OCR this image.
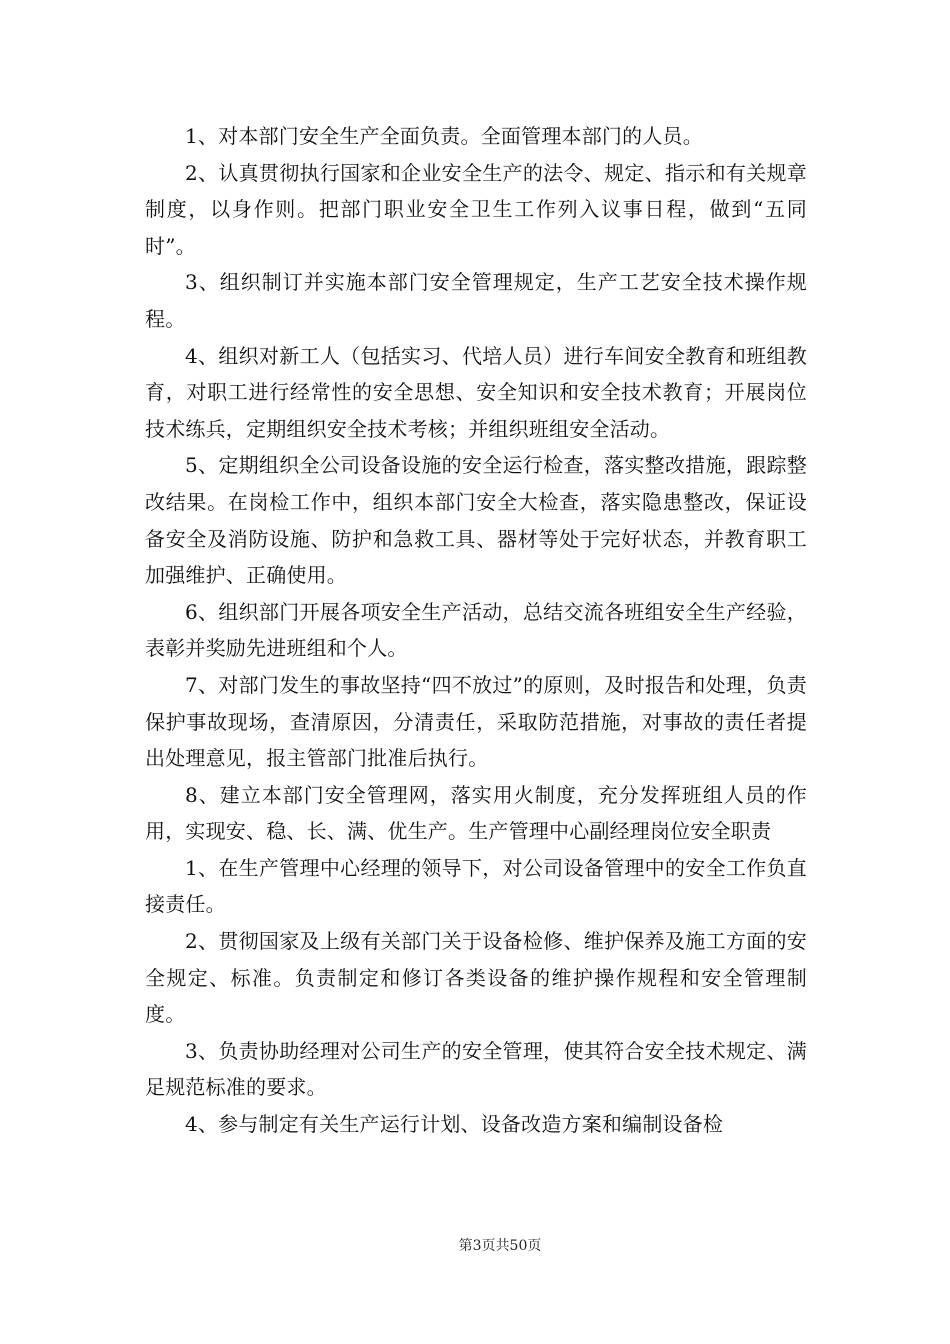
1、对本部门安全生产全面负责。全面管理本部门的人员。

2、认真贯彻执行国家和企业安全生产的法令、规定、指示和有关规章制度，以身作则。把部门职业安全卫生工作列入议事日程，做到“五同时”。

3、组织制订并实施本部门安全管理规定，生产工艺安全技术操作规程。

4、组织对新工人（包括实习、代培人员）进行车间安全教育和班组教育，对职工进行经常性的安全思想、安全知识和安全技术教育；开展岗位技术练兵，定期组织安全技术考核；并组织班组安全活动。

5、定期组织全公司设备设施的安全运行检查，落实整改措施，跟踪整改结果。在岗检工作中，组织本部门安全大检查，落实隐患整改，保证设备安全及消防设施、防护和急救工具、器材等处于完好状态，并教育职工加强维护、正确使用。

6、组织部门开展各项安全生产活动，总结交流各班组安全生产经验，表彰并奖励先进班组和个人。

7、对部门发生的事故坚持“四不放过”的原则，及时报告和处理，负责保护事故现场，查清原因，分清责任，采取防范措施，对事故的责任者提出处理意见，报主管部门批准后执行。

8、建立本部门安全管理网，落实用火制度，充分发挥班组人员的作用，实现安、稳、长、满、优生产。生产管理中心副经理岗位安全职责

1、在生产管理中心经理的领导下，对公司设备管理中的安全工作负直接责任。

2、贯彻国家及上级有关部门关于设备检修、维护保养及施工方面的安全规定、标准。负责制定和修订各类设备的维护操作规程和安全管理制度。

3、负责协助经理对公司生产的安全管理，使其符合安全技术规定、满足规范标准的要求。

4、参与制定有关生产运行计划、设备改造方案和编制设备检

第3页共50页
